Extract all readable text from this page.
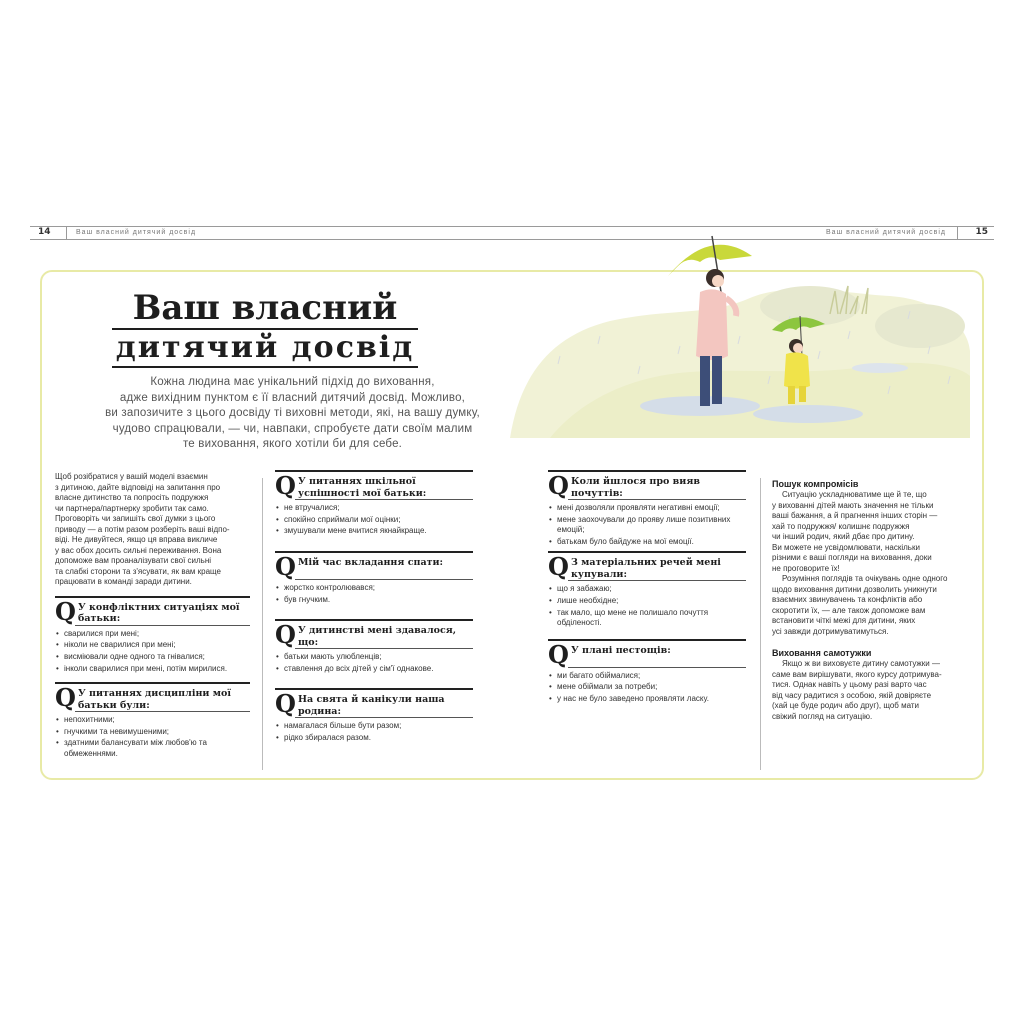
14	Ваш власний дитячий досвід	Ваш власний дитячий досвід	15
Ваш власний
дитячий досвід
Кожна людина має унікальний підхід до виховання,
адже вихідним пунктом є її власний дитячий досвід. Можливо,
ви запозичите з цього досвіду ті виховні методи, які, на вашу думку,
чудово спрацювали, — чи, навпаки, спробуєте дати своїм малим
те виховання, якого хотіли би для себе.
Щоб розібратися у вашій моделі взаємин
з дитиною, дайте відповіді на запитання про
власне дитинство та попросіть подружжя
чи партнера/партнерку зробити так само.
Проговоріть чи запишіть свої думки з цього
приводу — а потім разом розберіть ваші відпо-
віді. Не дивуйтеся, якщо ця вправа викличе
у вас обох досить сильні переживання. Вона
допоможе вам проаналізувати свої сильні
та слабкі сторони та з'ясувати, як вам краще
працювати в команді заради дитини.
Q У конфліктних ситуаціях мої батьки:
• сварилися при мені;
• ніколи не сварилися при мені;
• висміювали одне одного та гнівалися;
• інколи сварилися при мені, потім мирилися.
Q У питаннях дисципліни мої батьки були:
• непохитними;
• гнучкими та невимушеними;
• здатними балансувати між любов'ю та обмеженнями.
Q У питаннях шкільної успішності мої батьки:
• не втручалися;
• спокійно сприймали мої оцінки;
• змушували мене вчитися якнайкраще.
Q Мій час вкладання спати:
• жорстко контролювався;
• був гнучким.
Q У дитинстві мені здавалося, що:
• батьки мають улюбленців;
• ставлення до всіх дітей у сім'ї однакове.
Q На свята й канікули наша родина:
• намагалася більше бути разом;
• рідко збиралася разом.
Q Коли йшлося про вияв почуттів:
• мені дозволяли проявляти негативні емоції;
• мене заохочували до прояву лише позитивних емоцій;
• батькам було байдуже на мої емоції.
Q З матеріальних речей мені купували:
• що я забажаю;
• лише необхідне;
• так мало, що мене не полишало почуття обділеності.
Q У плані пестощів:
• ми багато обіймалися;
• мене обіймали за потреби;
• у нас не було заведено проявляти ласку.
Пошук компромісів
Ситуацію ускладнюватиме ще й те, що
у вихованні дітей мають значення не тільки
ваші бажання, а й прагнення інших сторін —
хай то подружжя/ колишнє подружжя
чи інший родич, який дбає про дитину.
Ви можете не усвідомлювати, наскільки
різними є ваші погляди на виховання, доки
не проговорите їх!
Розуміння поглядів та очікувань одне одного
щодо виховання дитини дозволить уникнути
взаємних звинувачень та конфліктів або
скоротити їх, — але також допоможе вам
встановити чіткі межі для дитини, яких
усі завжди дотримуватимуться.
Виховання самотужки
Якщо ж ви виховуєте дитину самотужки —
саме вам вирішувати, якого курсу дотримува-
тися. Однак навіть у цьому разі варто час
від часу радитися з особою, якій довіряєте
(хай це буде родич або друг), щоб мати
свіжий погляд на ситуацію.
